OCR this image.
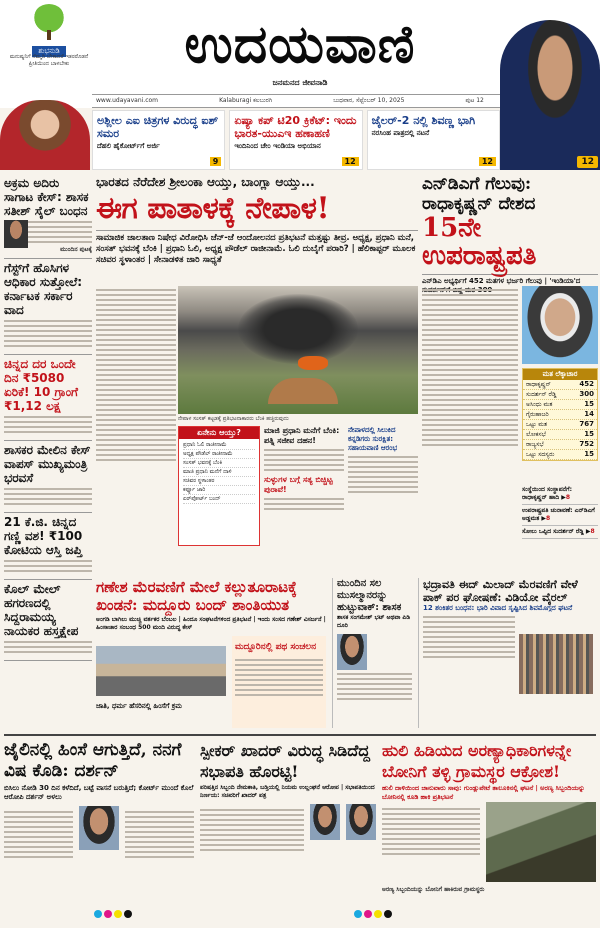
ಶುಭನುಡಿ
ಮನುಷ್ಯನಿಗೆ ನೆಮ್ಮದಿ ಬೇಕಾದರೆ ಇತರರೊಡನೆ ಪ್ರೀತಿಯಿಂದ ಬಾಳಬೇಕು	ಉದಯವಾಣಿ
ಜನಮನದ ಜೀವನಾಡಿ
www.udayavani.com	Kalaburagi ಕಲಬುರಗಿ	ಬುಧವಾರ, ಸೆಪ್ಟೆಂಬರ್ 10, 2025	ಪುಟ 12
12
ಅಶ್ಲೀಲ ಎಐ ಚಿತ್ರಗಳ ವಿರುದ್ಧ ಐಶ್ ಸಮರ
ದೆಹಲಿ ಹೈಕೋರ್ಟ್‌ಗೆ ಅರ್ಜಿ
9
ಏಷ್ಯಾ ಕಪ್ ಟಿ20 ಕ್ರಿಕೆಟ್: ಇಂದು ಭಾರತ-ಯುಎಇ ಹಣಾಹಣಿ
ಇಂದಿನಿಂದ ಚೇಂ ಇಂಡಿಯಾ ಅಭಿಯಾನ
12
ಜೈಲರ್-2 ನಲ್ಲಿ ಶಿವಣ್ಣ ಭಾಗಿ
ನರಸಿಂಹ ಪಾತ್ರದಲ್ಲಿ ನಟನೆ
12
ಅಕ್ರಮ ಅದಿರು ಸಾಗಾಟ ಕೇಸ್: ಶಾಸಕ ಸತೀಶ್ ಸೈಲ್ ಬಂಧನ
ಮುಂದಿನ ಪುಟಕ್ಕೆ
ಗೆಸ್ಟ್‌ಗೆ ಹೊಸಿಗಳ ಆಧಿಕಾರ ಸುತ್ತೋಲೆ: ಕರ್ನಾಟಕ ಸರ್ಕಾರ ವಾದ
ಚಿನ್ನದ ದರ ಒಂದೇ ದಿನ ₹5080 ಏರಿಕೆ! 10 ಗ್ರಾಂಗೆ ₹1,12 ಲಕ್ಷ
ಶಾಸಕರ ಮೇಲಿನ ಕೇಸ್‌ ವಾಪಸ್‌ ಮುಖ್ಯಮಂತ್ರಿ ಭರವಸೆ
21 ಕೆ.ಜಿ. ಚಿನ್ನದ ಗಣ್ಣಿ ವಶ! ₹100 ಕೋಟಿಯ ಆಸ್ತಿ ಜಪ್ತಿ
ಕೊಲ್ ಮೇಲ್ ಹಗರಣದಲ್ಲಿ ಸಿದ್ದರಾಮಯ್ಯ ನಾಯಕರ ಹಸ್ತಕ್ಷೇಪ
ಭಾರತದ ನೆರೆದೇಶ ಶ್ರೀಲಂಕಾ ಆಯ್ತು, ಬಾಂಗ್ಲಾ ಆಯ್ತು...
ಈಗ ಪಾತಾಳಕ್ಕೆ ನೇಪಾಳ!
ಸಾಮಾಜಿಕ ಜಾಲತಾಣ ನಿಷೇಧ ವಿರೋಧಿಸಿ ಜೆನ್-ಜೆ ಆಂದೋಲನದ ಪ್ರತಿಭಟನೆ ಮತ್ತಷ್ಟು ತೀವ್ರ. ಅಧ್ಯಕ್ಷ, ಪ್ರಧಾನಿ ಮನೆ, ಸಂಸತ್ ಭವನಕ್ಕೆ ಬೆಂಕಿ | ಪ್ರಧಾನಿ ಓಲಿ, ಅಧ್ಯಕ್ಷ ಪೌಡೆಲ್ ರಾಜೀನಾಮೆ. ಓಲಿ ದುಬೈಗೆ ಪರಾರಿ? | ಹೆಲಿಕಾಪ್ಟರ್ ಮೂಲಕ ಸಚಿವರ ಸ್ಥಳಾಂತರ | ಸೇನಾಡಳಿತ ಜಾರಿ ಸಾಧ್ಯತೆ
ನೇಪಾಳ ಸಂಸತ್ ಕಟ್ಟಡಕ್ಕೆ ಪ್ರತಿಭಟನಾಕಾರರು ಬೆಂಕಿ ಹಚ್ಚಿರುವುದು
ಏನೇನು ಆಯ್ತು?
ಪ್ರಧಾನಿ ಓಲಿ ರಾಜೀನಾಮೆ
ಅಧ್ಯಕ್ಷ ಪೌಡೆಲ್ ರಾಜೀನಾಮೆ
ಸಂಸತ್ ಭವನಕ್ಕೆ ಬೆಂಕಿ
ಮಾಜಿ ಪ್ರಧಾನಿ ಮನೆಗೆ ದಾಳಿ
ಸಚಿವರ ಸ್ಥಳಾಂತರ
ಕರ್ಫ್ಯೂ ಜಾರಿ
ಏರ್‌ಪೋರ್ಟ್ ಬಂದ್
ಮಾಜಿ ಪ್ರಧಾನಿ ಮನೆಗೆ ಬೆಂಕಿ: ಪತ್ನಿ ಸಜೀವ ದಹನ!
ಸುಳ್ಳುಗಳ ಬಗ್ಗೆ ಸತ್ಯ ಬಿಚ್ಚಿಟ್ಟ ಪುರಾವೆ!
ನೇಪಾಳದಲ್ಲಿ ಸಿಲುಕಿದ ಕನ್ನಡಿಗರು ಸುರಕ್ಷಿತ: ಸಹಾಯವಾಣಿ ಆರಂಭ
ಎನ್‌ಡಿಎಗೆ ಗೆಲುವು: ರಾಧಾಕೃಷ್ಣನ್ ದೇಶದ
15ನೇ ಉಪರಾಷ್ಟ್ರಪತಿ
ಎನ್‌ಡಿಎ ಅಭ್ಯರ್ಥಿಗೆ 452 ಮತಗಳ ಭರ್ಜರಿ ಗೆಲುವು | 'ಇಂಡಿಯಾ'ದ
ಮತ ಲೆಕ್ಕಾಚಾರ
ರಾಧಾಕೃಷ್ಣನ್	452
ಸುದರ್ಶನ್ ರೆಡ್ಡಿ	300
ಅಸಿಂಧು ಮತ	15
ಗೈರುಹಾಜರಿ	14
ಒಟ್ಟು ಮತ	767
ಲೋಕಸಭೆ	15
ರಾಜ್ಯಸಭೆ	752
ಒಟ್ಟು ಸದಸ್ಯರು	15
ಸಂಸ್ಥೆಯಿಂದ ಸಂಸ್ಥಾಪನೆಗೆ: ರಾಧಾಕೃಷ್ಣನ್ ಹಾದಿ ▶8
ಉಪರಾಷ್ಟ್ರಪತಿ ಚುನಾವಣೆ: ಎನ್‌ಡಿಎಗೆ ಅಡ್ಡಮತ ▶8
ಸೋಲು ಒಪ್ಪಿದ ಸುದರ್ಶನ್ ರೆಡ್ಡಿ ▶8
ಗಣೇಶ ಮೆರವಣಿಗೆ ಮೇಲೆ ಕಲ್ಲುತೂರಾಟಕ್ಕೆ ಖಂಡನೆ: ಮದ್ದೂರು ಬಂದ್ ಶಾಂತಿಯುತ
ಅಂಗಡಿ ಬಾಗಿಲು ಮುಚ್ಚಿ ವರ್ತಕರ ಬೆಂಬಲ | ಹಿಂದೂ ಸಂಘಟನೆಗಳಿಂದ ಪ್ರತಿಭಟನೆ | ಇಂದು ಸಂಸದ ಗಣೇಶ್ ವಿಸರ್ಜನೆ | ಹಿಂಸಾಚಾರ ಸಂಬಂಧ 500 ಮಂದಿ ವಿರುದ್ಧ ಕೇಸ್
ಮದ್ದೂರಿನಲ್ಲಿ ಪಥ ಸಂಚಲನ
ಜಾತಿ, ಧರ್ಮ ಹೆಸರಿನಲ್ಲಿ ಹಿಂಸೆಗೆ ಕ್ರಮ
ಮುಂದಿನ ಸಲ ಮುಸಲ್ಮಾನರನ್ನು ಹುಟ್ಟುವಾಕ್: ಶಾಸಕ
ಶಾಸಕ ಸಂಗಮೇಶ್ ಭಟ್ ಅಥವಾ ಪಿಡಿ ದೂರಿ
ಭದ್ರಾವತಿ ಈದ್ ಮಿಲಾದ್ ಮೆರವಣಿಗೆ ವೇಳೆ ಪಾಕ್ ಪರ ಘೋಷಣೆ: ವಿಡಿಯೋ ವೈರಲ್
12 ಶಂಕಿತರ ಬಂಧನ: ಭಾರಿ ವಿವಾದ ಸೃಷ್ಟಿಸಿದ ಶಿವಮೊಗ್ಗದ ಘಟನೆ
ಜೈಲಿನಲ್ಲಿ ಹಿಂಸೆ ಆಗುತ್ತಿದೆ, ನನಗೆ ವಿಷ ಕೊಡಿ: ದರ್ಶನ್
ಬಿಸಿಲು ನೋಡಿ 30 ದಿನ ಕಳೆದಿದೆ, ಬಟ್ಟೆ ವಾಸನೆ ಬರುತ್ತಿದೆ; ಕೋರ್ಟ್ ಮುಂದೆ ಕೊಲೆ ಆರೋಪಿ ದರ್ಶನ್ ಅಳಲು
ಸ್ಪೀಕರ್ ಖಾದರ್ ವಿರುದ್ಧ ಸಿಡಿದೆದ್ದ ಸಭಾಪತಿ ಹೊರಟ್ಟಿ!
ಪರಿಷತ್ತಿನ ಸಿಬ್ಬಂದಿ ನೇಮಕಾತಿ, ಬಡ್ತಿಯಲ್ಲಿ ನಿಯಮ ಉಲ್ಲಂಘನೆ ಆರೋಪ | ಸಭಾಪತಿಯಿಂದ ನಿರ್ಣಯ: ಸಚಿವರಿಗೆ ಖಾದರ್ ಪತ್ರ
ಹುಲಿ ಹಿಡಿಯದ ಅರಣ್ಯಾಧಿಕಾರಿಗಳನ್ನೇ ಬೋನಿಗೆ ತಳ್ಳಿ ಗ್ರಾಮಸ್ಥರ ಆಕ್ರೋಶ!
ಹುಲಿ ದಾಳಿಯಿಂದ ಜಾನುವಾರು ಸಾವು: ಗುಂಡ್ಲುಪೇಟೆ ತಾಲೂಕಿನಲ್ಲಿ ಘಟನೆ | ಅರಣ್ಯ ಸಿಬ್ಬಂದಿಯನ್ನು ಬೋನಿನಲ್ಲಿ ಕೂಡಿ ಹಾಕಿ ಪ್ರತಿಭಟನೆ
ಅರಣ್ಯ ಸಿಬ್ಬಂದಿಯನ್ನು ಬೋನಿಗೆ ಹಾಕಿರುವ ಗ್ರಾಮಸ್ಥರು
